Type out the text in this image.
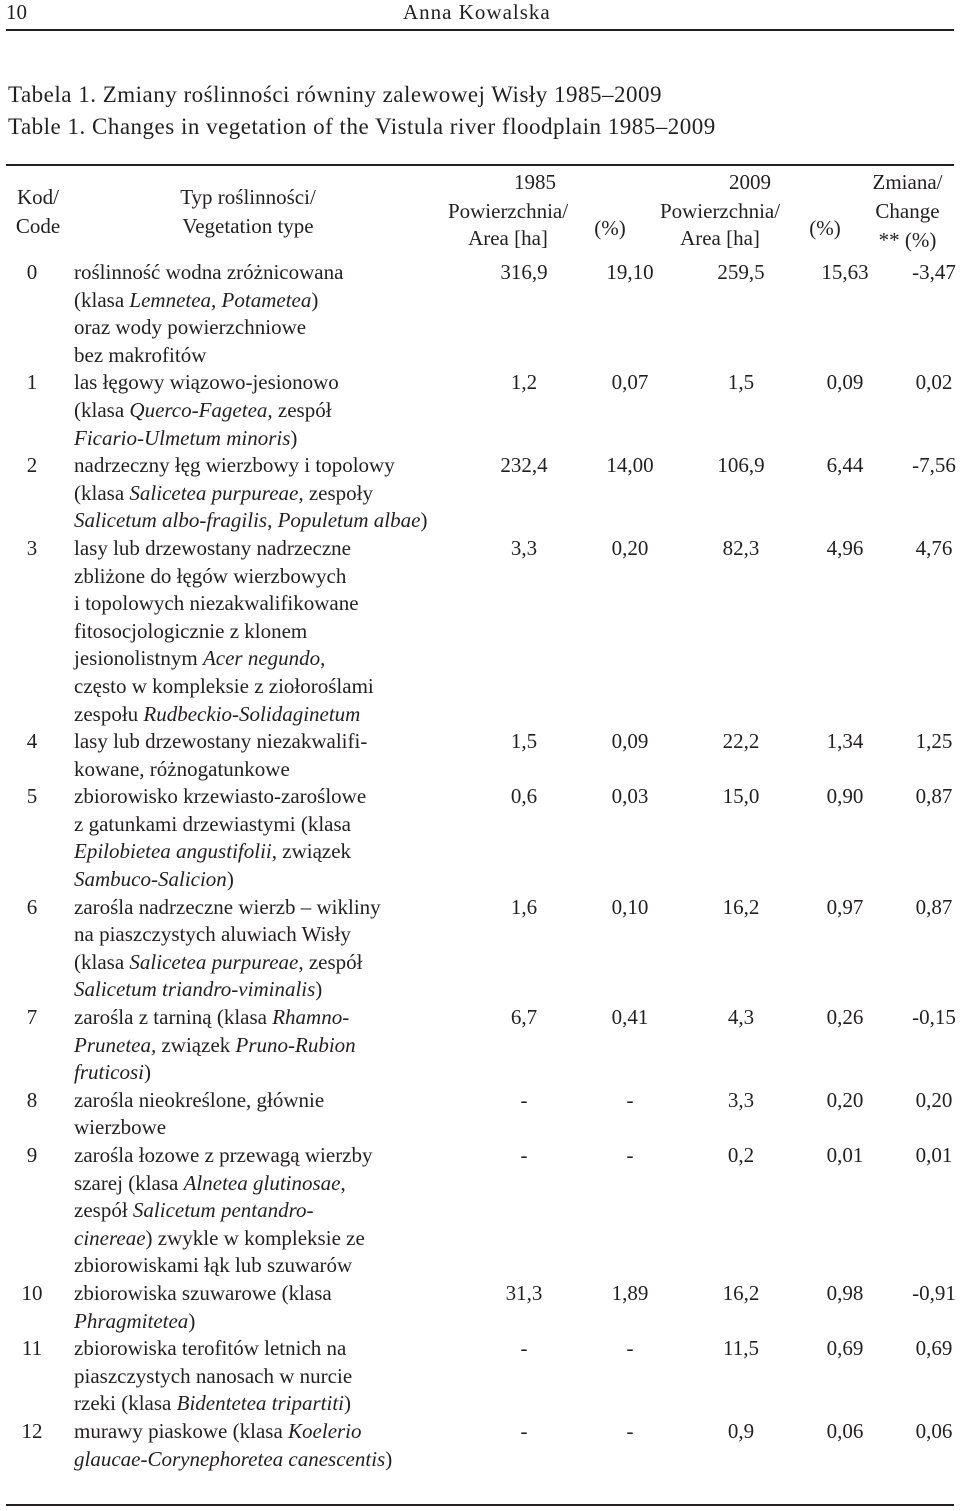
10	Anna Kowalska
Tabela 1. Zmiany roślinności równiny zalewowej Wisły 1985–2009
Table 1. Changes in vegetation of the Vistula river floodplain 1985–2009
Kod/
Code
Typ roślinności/
Vegetation type
1985
Powierzchnia/
Area [ha]	(%)
2009
Powierzchnia/
Area [ha]	(%)
Zmiana/
Change
** (%)
0	roślinność wodna zróżnicowana
(klasa Lemnetea, Potametea)
oraz wody powierzchniowe
bez makrofitów
316,9	19,10	259,5	15,63	-3,47
1	las łęgowy wiązowo-jesionowo
(klasa Querco-Fagetea, zespół
Ficario-Ulmetum minoris)
1,2	0,07	1,5	0,09	0,02
2	nadrzeczny łęg wierzbowy i topolowy
(klasa Salicetea purpureae, zespoły
Salicetum albo-fragilis, Populetum albae)
232,4	14,00	106,9	6,44	-7,56
3	lasy lub drzewostany nadrzeczne
zbliżone do łęgów wierzbowych
i topolowych niezakwalifikowane
fitosocjologicznie z klonem
jesionolistnym Acer negundo,
często w kompleksie z ziołoroślami
zespołu Rudbeckio-Solidaginetum
3,3	0,20	82,3	4,96	4,76
4	lasy lub drzewostany niezakwalifi-
kowane, różnogatunkowe
1,5	0,09	22,2	1,34	1,25
5	zbiorowisko krzewiasto-zaroślowe
z gatunkami drzewiastymi (klasa
Epilobietea angustifolii, związek
Sambuco-Salicion)
0,6	0,03	15,0	0,90	0,87
6	zarośla nadrzeczne wierzb – wikliny
na piaszczystych aluwiach Wisły
(klasa Salicetea purpureae, zespół
Salicetum triandro-viminalis)
1,6	0,10	16,2	0,97	0,87
7	zarośla z tarniną (klasa Rhamno-
Prunetea, związek Pruno-Rubion
fruticosi)
6,7	0,41	4,3	0,26	-0,15
8	zarośla nieokreślone, głównie
wierzbowe
-	-	3,3	0,20	0,20
9	zarośla łozowe z przewagą wierzby
szarej (klasa Alnetea glutinosae,
zespół Salicetum pentandro-
cinereae) zwykle w kompleksie ze
zbiorowiskami łąk lub szuwarów
-	-	0,2	0,01	0,01
10	zbiorowiska szuwarowe (klasa
Phragmitetea)
31,3	1,89	16,2	0,98	-0,91
11	zbiorowiska terofitów letnich na
piaszczystych nanosach w nurcie
rzeki (klasa Bidentetea tripartiti)
-	-	11,5	0,69	0,69
12	murawy piaskowe (klasa Koelerio
glaucae-Corynephoretea canescentis)
-	-	0,9	0,06	0,06
